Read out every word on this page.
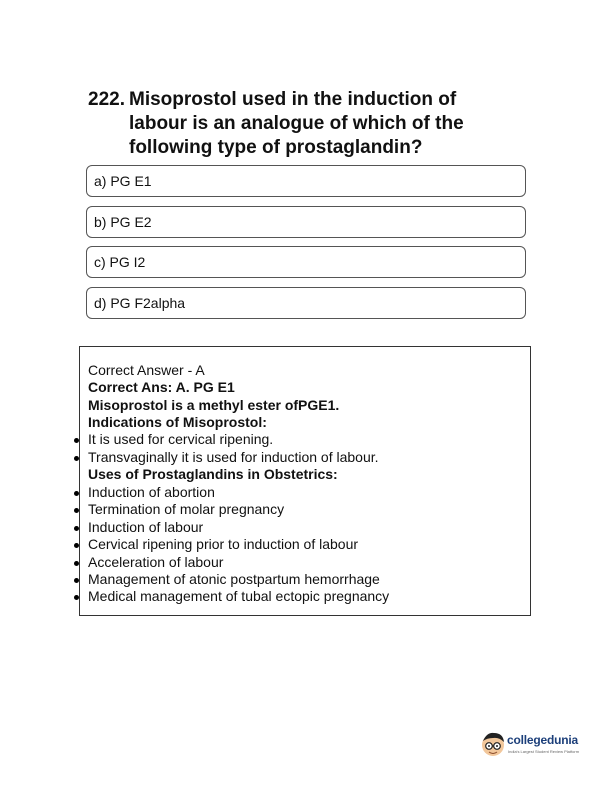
222. Misoprostol used in the induction of
labour is an analogue of which of the
following type of prostaglandin?
a) PG E1
b) PG E2
c) PG I2
d) PG F2alpha
Correct Answer - A
Correct Ans: A. PG E1
Misoprostol is a methyl ester ofPGE1.
Indications of Misoprostol:
It is used for cervical ripening.
Transvaginally it is used for induction of labour.
Uses of Prostaglandins in Obstetrics:
Induction of abortion
Termination of molar pregnancy
Induction of labour
Cervical ripening prior to induction of labour
Acceleration of labour
Management of atonic postpartum hemorrhage
Medical management of tubal ectopic pregnancy
collegedunia
India's Largest Student Review Platform
